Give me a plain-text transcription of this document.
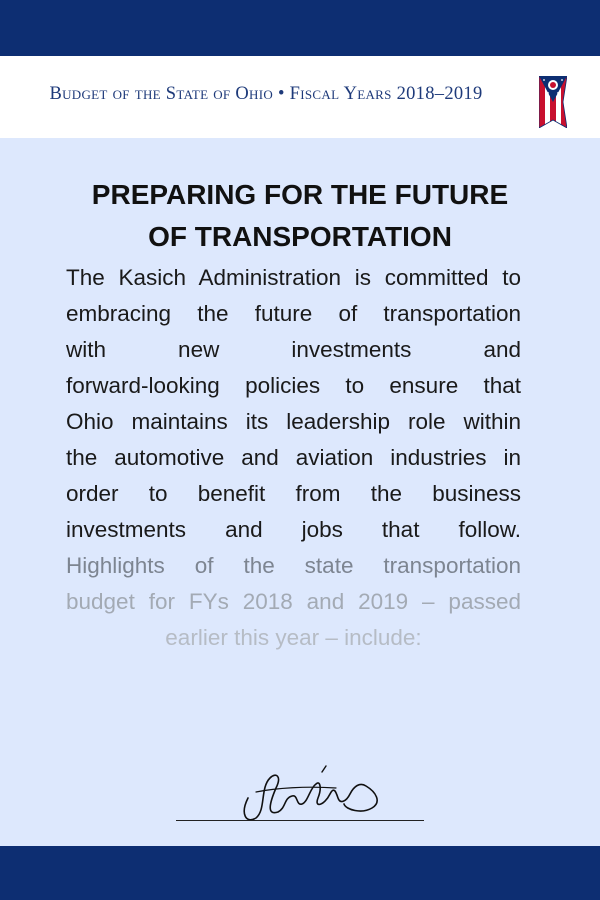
Budget of the State of Ohio • Fiscal Years 2018–2019
PREPARING FOR THE FUTURE
OF TRANSPORTATION
The Kasich Administration is committed to
embracing the future of transportation
with new investments and
forward-looking policies to ensure that
Ohio maintains its leadership role within
the automotive and aviation industries in
order to benefit from the business
investments and jobs that follow.
Highlights of the state transportation
budget for FYs 2018 and 2019 – passed
earlier this year – include:
